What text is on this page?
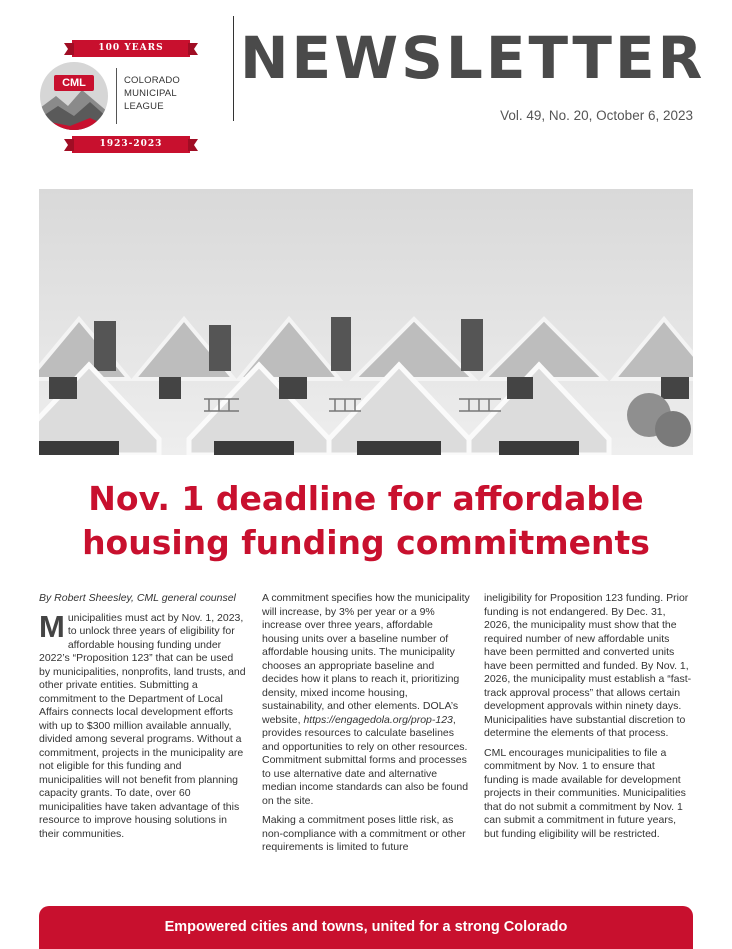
100 YEARS
CML	COLORADO
MUNICIPAL
LEAGUE
1923-2023
NEWSLETTER
Vol. 49, No. 20, October 6, 2023
Nov. 1 deadline for affordable
housing funding commitments

By Robert Sheesley, CML general counsel

Municipalities must act by Nov. 1, 2023, to unlock three years of eligibility for affordable housing funding under 2022’s “Proposition 123” that can be used by municipalities, nonprofits, land trusts, and other private entities. Submitting a commitment to the Department of Local Affairs connects local development efforts with up to $300 million available annually, divided among several programs. Without a commitment, projects in the municipality are not eligible for this funding and municipalities will not benefit from planning capacity grants. To date, over 60 municipalities have taken advantage of this resource to improve housing solutions in their communities.

A commitment specifies how the municipality will increase, by 3% per year or a 9% increase over three years, affordable housing units over a baseline number of affordable housing units. The municipality chooses an appropriate baseline and decides how it plans to reach it, prioritizing density, mixed income housing, sustainability, and other elements. DOLA’s website, https://engagedola.org/prop-123, provides resources to calculate baselines and opportunities to rely on other resources. Commitment submittal forms and processes to use alternative date and alternative median income standards can also be found on the site.

Making a commitment poses little risk, as non-compliance with a commitment or other requirements is limited to future

ineligibility for Proposition 123 funding. Prior funding is not endangered. By Dec. 31, 2026, the municipality must show that the required number of new affordable units have been permitted and converted units have been permitted and funded. By Nov. 1, 2026, the municipality must establish a “fast-track approval process” that allows certain development approvals within ninety days. Municipalities have substantial discretion to determine the elements of that process.

CML encourages municipalities to file a commitment by Nov. 1 to ensure that funding is made available for development projects in their communities. Municipalities that do not submit a commitment by Nov. 1 can submit a commitment in future years, but funding eligibility will be restricted.

Empowered cities and towns, united for a strong Colorado
